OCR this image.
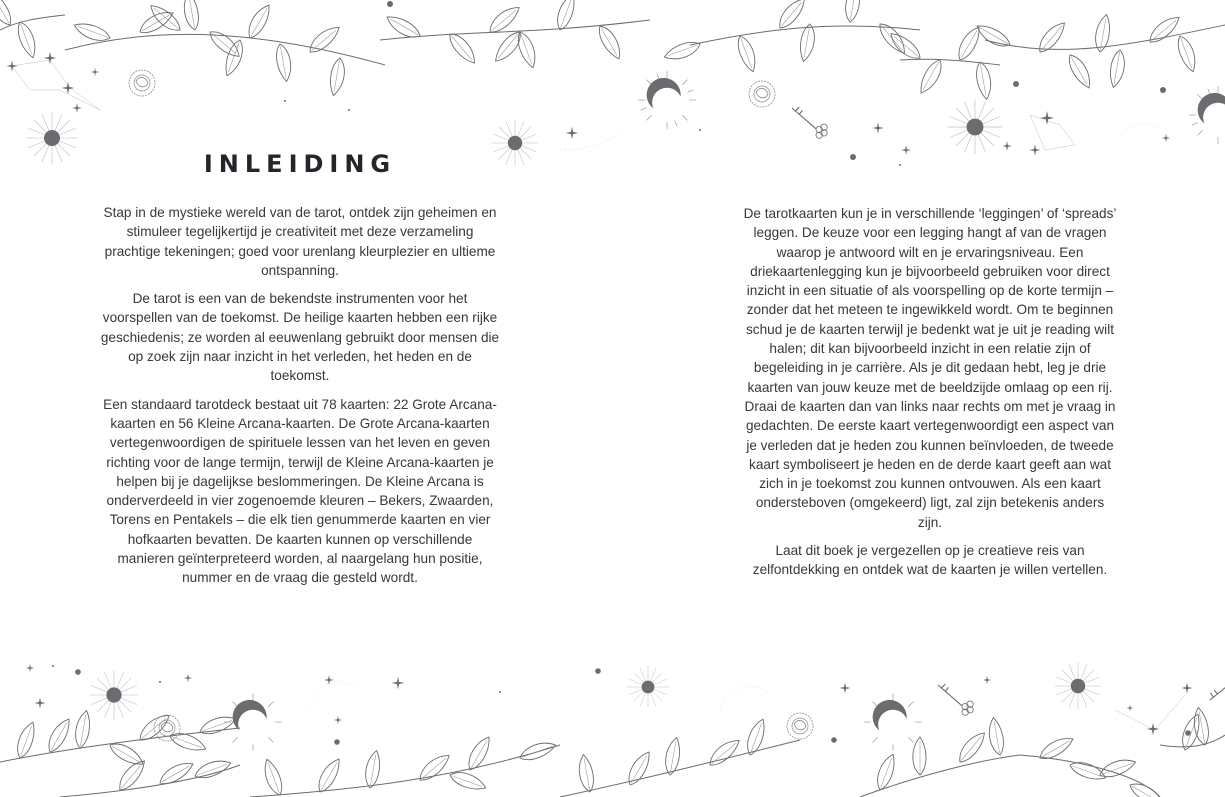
INLEIDING

Stap in de mystieke wereld van de tarot, ontdek zijn geheimen en stimuleer tegelijkertijd je creativiteit met deze verzameling prachtige tekeningen; goed voor urenlang kleurplezier en ultieme ontspanning.

De tarot is een van de bekendste instrumenten voor het voorspellen van de toekomst. De heilige kaarten hebben een rijke geschiedenis; ze worden al eeuwenlang gebruikt door mensen die op zoek zijn naar inzicht in het verleden, het heden en de toekomst.

Een standaard tarotdeck bestaat uit 78 kaarten: 22 Grote Arcana-kaarten en 56 Kleine Arcana-kaarten. De Grote Arcana-kaarten vertegenwoordigen de spirituele lessen van het leven en geven richting voor de lange termijn, terwijl de Kleine Arcana-kaarten je helpen bij je dagelijkse beslommeringen. De Kleine Arcana is onderverdeeld in vier zogenoemde kleuren – Bekers, Zwaarden, Torens en Pentakels – die elk tien genummerde kaarten en vier hofkaarten bevatten. De kaarten kunnen op verschillende manieren geïnterpreteerd worden, al naargelang hun positie, nummer en de vraag die gesteld wordt.

De tarotkaarten kun je in verschillende ‘leggingen’ of ‘spreads’ leggen. De keuze voor een legging hangt af van de vragen waarop je antwoord wilt en je ervaringsniveau. Een driekaartenlegging kun je bijvoorbeeld gebruiken voor direct inzicht in een situatie of als voorspelling op de korte termijn – zonder dat het meteen te ingewikkeld wordt. Om te beginnen schud je de kaarten terwijl je bedenkt wat je uit je reading wilt halen; dit kan bijvoorbeeld inzicht in een relatie zijn of begeleiding in je carrière. Als je dit gedaan hebt, leg je drie kaarten van jouw keuze met de beeldzijde omlaag op een rij. Draai de kaarten dan van links naar rechts om met je vraag in gedachten. De eerste kaart vertegenwoordigt een aspect van je verleden dat je heden zou kunnen beïnvloeden, de tweede kaart symboliseert je heden en de derde kaart geeft aan wat zich in je toekomst zou kunnen ontvouwen. Als een kaart ondersteboven (omgekeerd) ligt, zal zijn betekenis anders zijn.

Laat dit boek je vergezellen op je creatieve reis van zelfontdekking en ontdek wat de kaarten je willen vertellen.
